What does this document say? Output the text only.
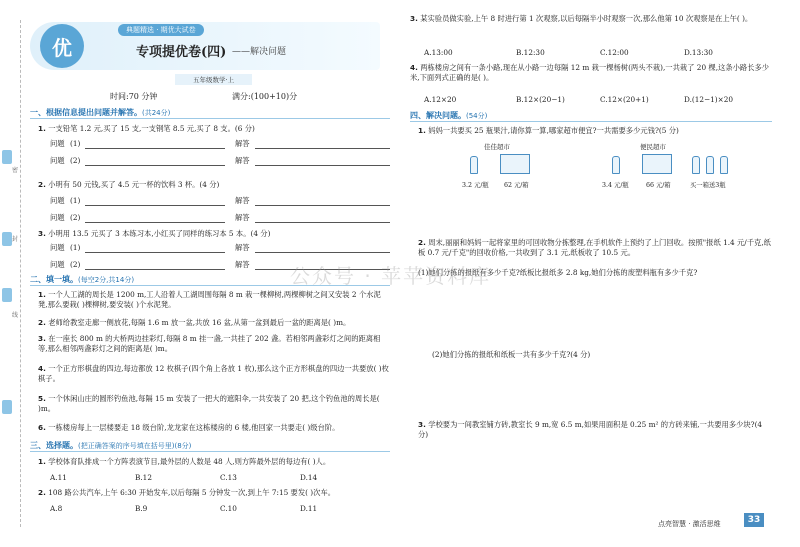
密
封
线
优
典题精选 · 期优大试卷
专项提优卷(四) ——解决问题
五年级数学·上
时间:70 分钟	满分:(100+10)分
一、根据信息提出问题并解答。(共24分)
1. 一支铅笔 1.2 元,买了 15 支,一支钢笔 8.5 元,买了 8 支。(6 分)
问题 (1)	解答
问题 (2)	解答
2. 小明有 50 元钱,买了 4.5 元一杯的饮料 3 杯。(4 分)
问题 (1)	解答
问题 (2)	解答
3. 小明用 13.5 元买了 3 本练习本,小红买了同样的练习本 5 本。(4 分)
问题 (1)	解答
问题 (2)	解答
二、填一填。(每空2分,共14分)
1. 一个人工湖的周长是 1200 m,工人沿着人工湖周围每隔 8 m 栽一棵柳树,两棵柳树之间又安装 2 个水泥凳,那么要栽( )棵柳树,要安装( )个水泥凳。
2. 老师给教室走廊一侧放花,每隔 1.6 m 放一盆,共放 16 盆,从第一盆到最后一盆的距离是( )m。
3. 在一座长 800 m 的大桥两边挂彩灯,每隔 8 m 挂一盏,一共挂了 202 盏。若相邻两盏彩灯之间的距离相等,那么相邻两盏彩灯之间的距离是( )m。
4. 一个正方形棋盘的四边,每边都放 12 枚棋子(四个角上各放 1 枚),那么这个正方形棋盘的四边一共要放( )枚棋子。
5. 一个休闲山庄的圆形钓鱼池,每隔 15 m 安装了一把大的遮阳伞,一共安装了 20 把,这个钓鱼池的周长是( )m。
6. 一栋楼房每上一层楼要走 18 级台阶,龙龙家在这栋楼房的 6 楼,他回家一共要走( )级台阶。
三、选择题。(把正确答案的序号填在括号里)(8分)
1. 学校体育队排成一个方阵表演节目,最外层的人数是 48 人,则方阵最外层的每边有( )人。
A.11	B.12	C.13	D.14
2. 108 路公共汽车,上午 6:30 开始发车,以后每隔 5 分钟发一次,到上午 7:15 要发( )次车。
A.8	B.9	C.10	D.11
3. 某实验员做实验,上午 8 时进行第 1 次观察,以后每隔半小时观察一次,那么他第 10 次观察是在上午( )。
A.13:00	B.12:30	C.12:00	D.13:30
4. 两栋楼房之间有一条小路,现在从小路一边每隔 12 m 栽一棵杨树(两头不栽),一共栽了 20 棵,这条小路长多少米,下面列式正确的是( )。
A.12×20	B.12×(20−1)	C.12×(20+1)	D.(12−1)×20
四、解决问题。(54分)
1. 妈妈一共要买 25 瓶果汁,请你算一算,哪家超市便宜?一共需要多少元钱?(5 分)
佳佳超市
3.2 元/瓶 62 元/箱
便民超市
3.4 元/瓶	66 元/箱	买一箱送3瓶
2. 周末,丽丽和妈妈一起将家里的可回收物分拣整理,在手机软件上预约了上门回收。按照"报纸 1.4 元/千克,纸板 0.7 元/千克"的回收价格,一共收到了 3.1 元,纸板收了 10.5 元。
(1)她们分拣的报纸有多少千克?纸板比报纸多 2.8 kg,她们分拣的废塑料瓶有多少千克?
(2)她们分拣的报纸和纸板一共有多少千克?(4 分)
3. 学校要为一间教室铺方砖,教室长 9 m,宽 6.5 m,如果用面积是 0.25 m² 的方砖来铺,一共要用多少块?(4 分)
公众号 · 苹苹资料库
点亮智慧 · 激活思维	33
